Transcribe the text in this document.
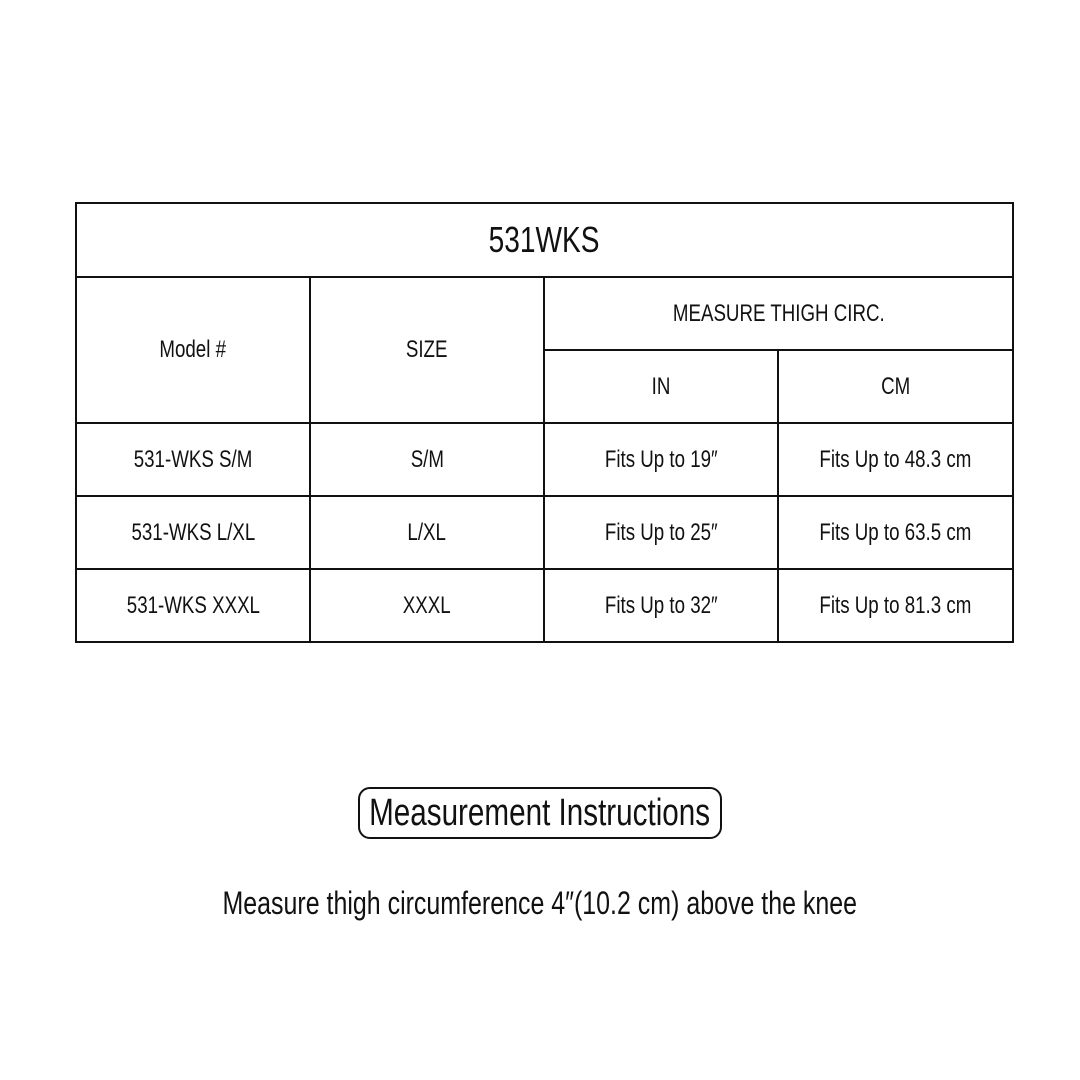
531WKS			
Model #	SIZE	MEASURE THIGH CIRC.	
		IN	CM
531-WKS S/M	S/M	Fits Up to 19″	Fits Up to 48.3 cm
531-WKS L/XL	L/XL	Fits Up to 25″	Fits Up to 63.5 cm
531-WKS XXXL	XXXL	Fits Up to 32″	Fits Up to 81.3 cm
Measurement Instructions
Measure thigh circumference 4″(10.2 cm) above the knee
